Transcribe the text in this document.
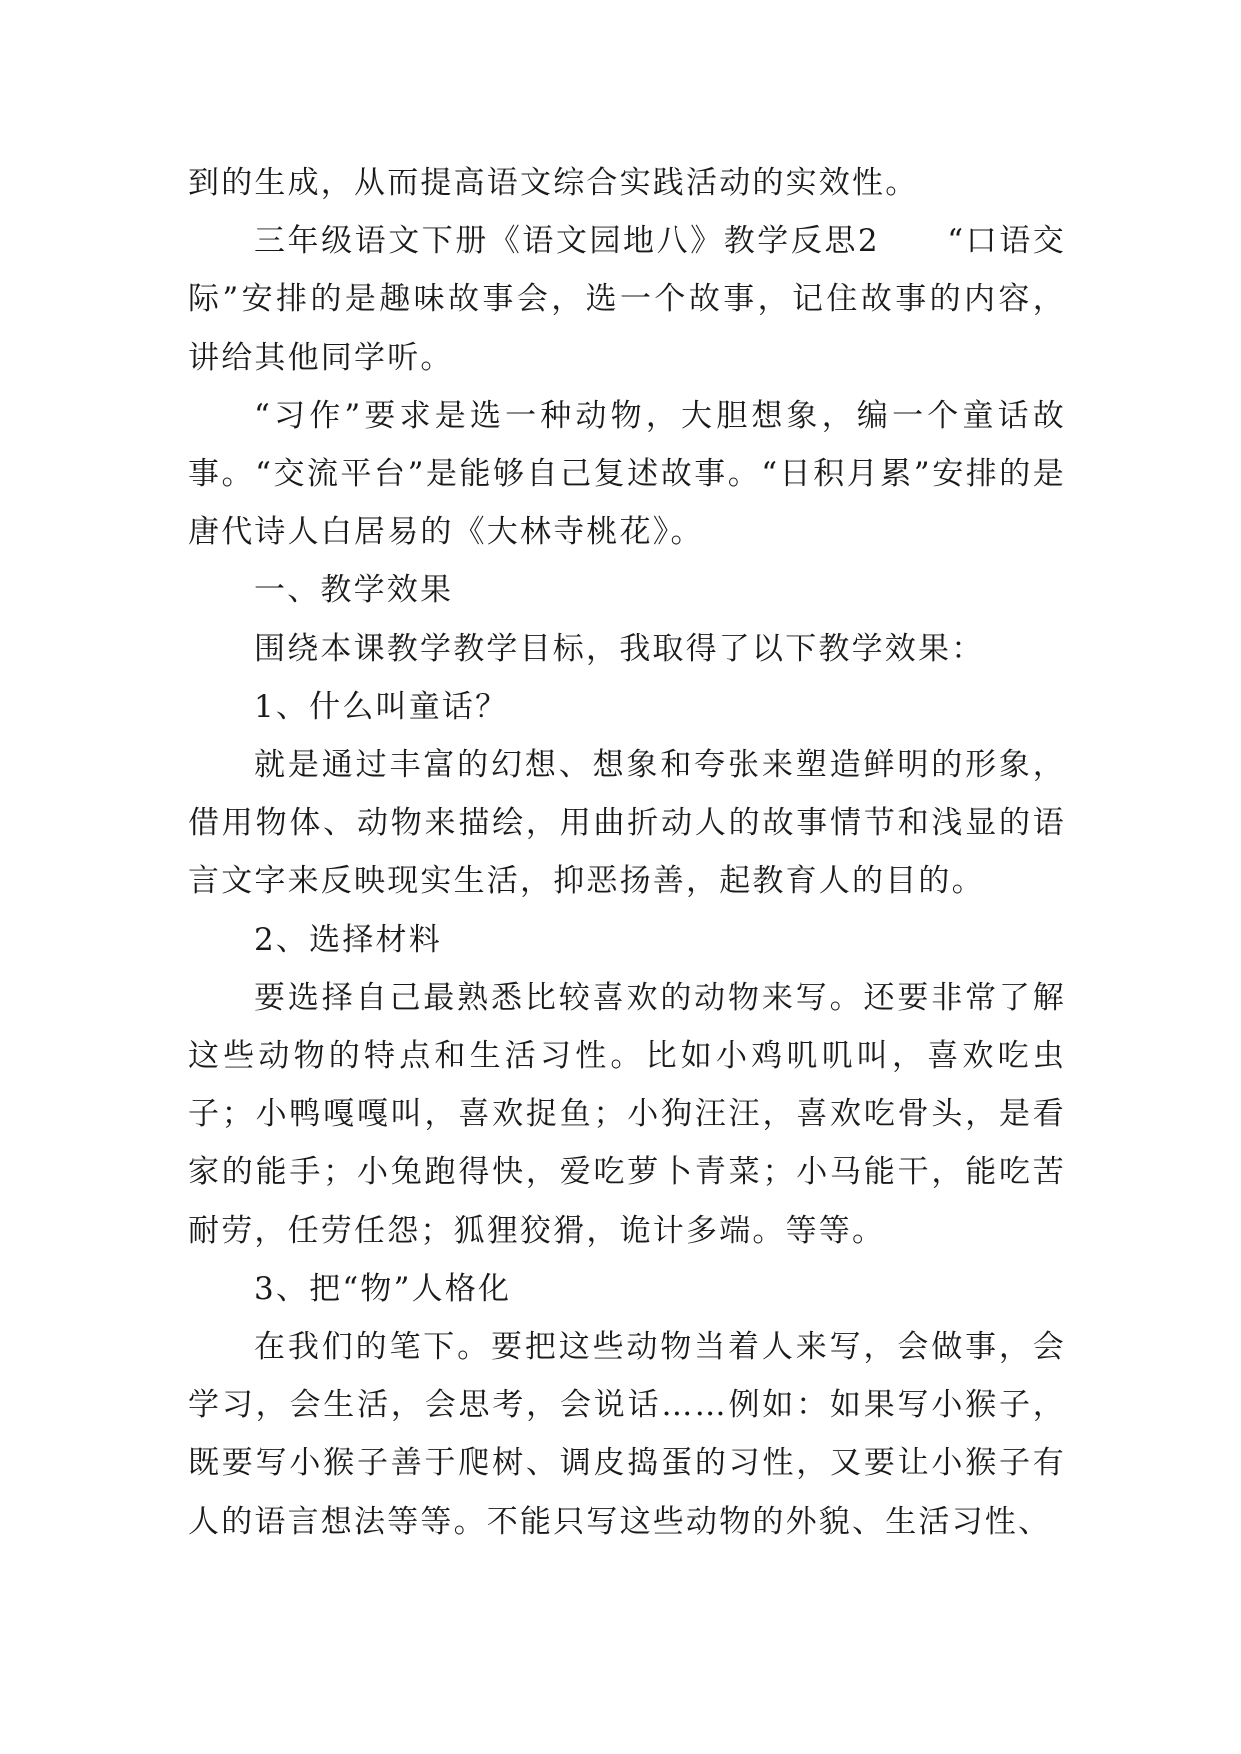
到的生成，从而提高语文综合实践活动的实效性。

三年级语文下册《语文园地八》教学反思2　　“口语交际”安排的是趣味故事会，选一个故事，记住故事的内容，讲给其他同学听。

“习作”要求是选一种动物，大胆想象，编一个童话故事。“交流平台”是能够自己复述故事。“日积月累”安排的是唐代诗人白居易的《大林寺桃花》。

一、教学效果

围绕本课教学教学目标，我取得了以下教学效果：

1、什么叫童话？

就是通过丰富的幻想、想象和夸张来塑造鲜明的形象，借用物体、动物来描绘，用曲折动人的故事情节和浅显的语言文字来反映现实生活，抑恶扬善，起教育人的目的。

2、选择材料

要选择自己最熟悉比较喜欢的动物来写。还要非常了解这些动物的特点和生活习性。比如小鸡叽叽叫，喜欢吃虫子；小鸭嘎嘎叫，喜欢捉鱼；小狗汪汪，喜欢吃骨头，是看家的能手；小兔跑得快，爱吃萝卜青菜；小马能干，能吃苦耐劳，任劳任怨；狐狸狡猾，诡计多端。等等。

3、把“物”人格化

在我们的笔下。要把这些动物当着人来写，会做事，会学习，会生活，会思考，会说话……例如：如果写小猴子，既要写小猴子善于爬树、调皮捣蛋的习性，又要让小猴子有人的语言想法等等。不能只写这些动物的外貌、生活习性、
